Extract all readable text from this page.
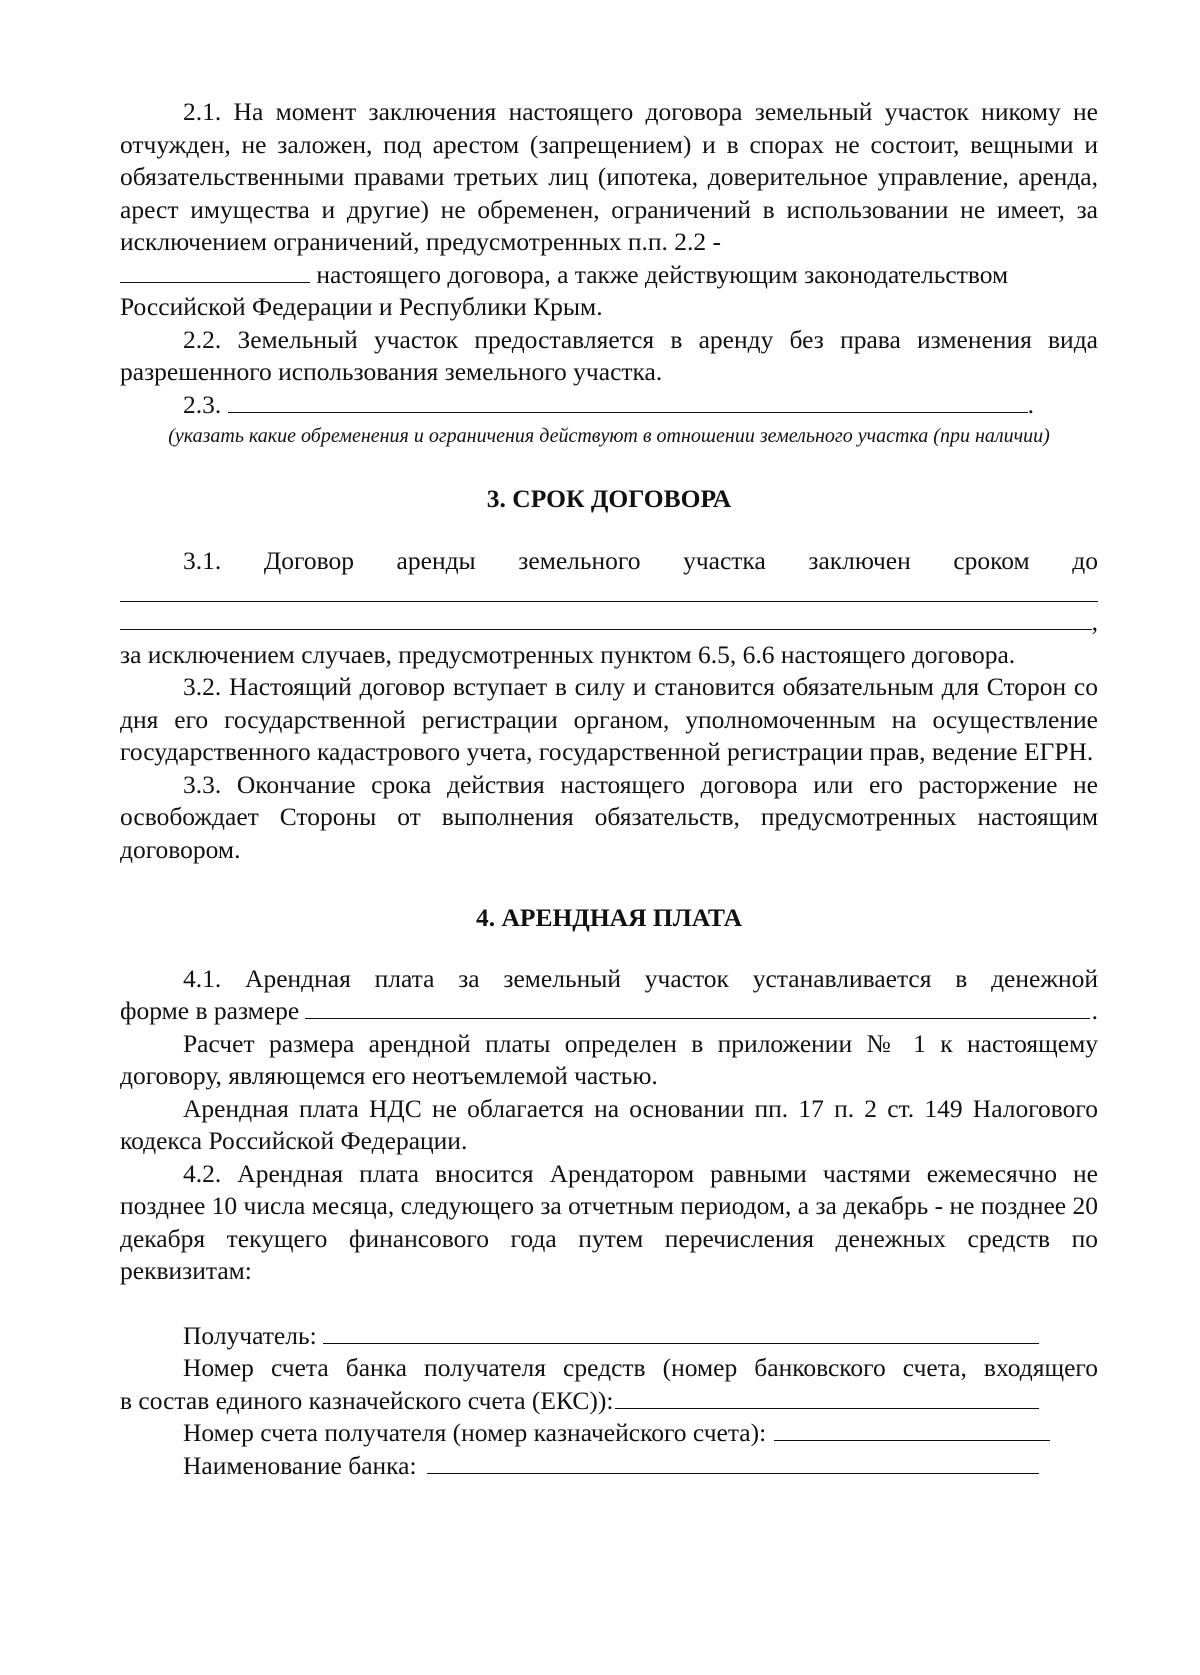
2.1. На момент заключения настоящего договора земельный участок никому не отчужден, не заложен, под арестом (запрещением) и в спорах не состоит, вещными и обязательственными правами третьих лиц (ипотека, доверительное управление, аренда, арест имущества и другие) не обременен, ограничений в использовании не имеет, за исключением ограничений, предусмотренных п.п. 2.2 -

настоящего договора, а также действующим законодательством

Российской Федерации и Республики Крым.

2.2. Земельный участок предоставляется в аренду без права изменения вида разрешенного использования земельного участка.

2.3.	.

(указать какие обременения и ограничения действуют в отношении земельного участка (при наличии)

3. СРОК ДОГОВОРА

3.1. Договор аренды земельного участка заключен сроком до

,

за исключением случаев, предусмотренных пунктом 6.5, 6.6 настоящего договора.

3.2. Настоящий договор вступает в силу и становится обязательным для Сторон со дня его государственной регистрации органом, уполномоченным на осуществление государственного кадастрового учета, государственной регистрации прав, ведение ЕГРН.

3.3. Окончание срока действия настоящего договора или его расторжение не освобождает Стороны от выполнения обязательств, предусмотренных настоящим договором.

4. АРЕНДНАЯ ПЛАТА

4.1. Арендная плата за земельный участок устанавливается в денежной

форме в размере	.

Расчет размера арендной платы определен в приложении № 1 к настоящему договору, являющемся его неотъемлемой частью.

Арендная плата НДС не облагается на основании пп. 17 п. 2 ст. 149 Налогового кодекса Российской Федерации.

4.2. Арендная плата вносится Арендатором равными частями ежемесячно не позднее 10 числа месяца, следующего за отчетным периодом, а за декабрь - не позднее 20 декабря текущего финансового года путем перечисления денежных средств по реквизитам:

Получатель:

Номер счета банка получателя средств (номер банковского счета, входящего

в состав единого казначейского счета (ЕКС)):
Номер счета получателя (номер казначейского счета):
Наименование банка:
